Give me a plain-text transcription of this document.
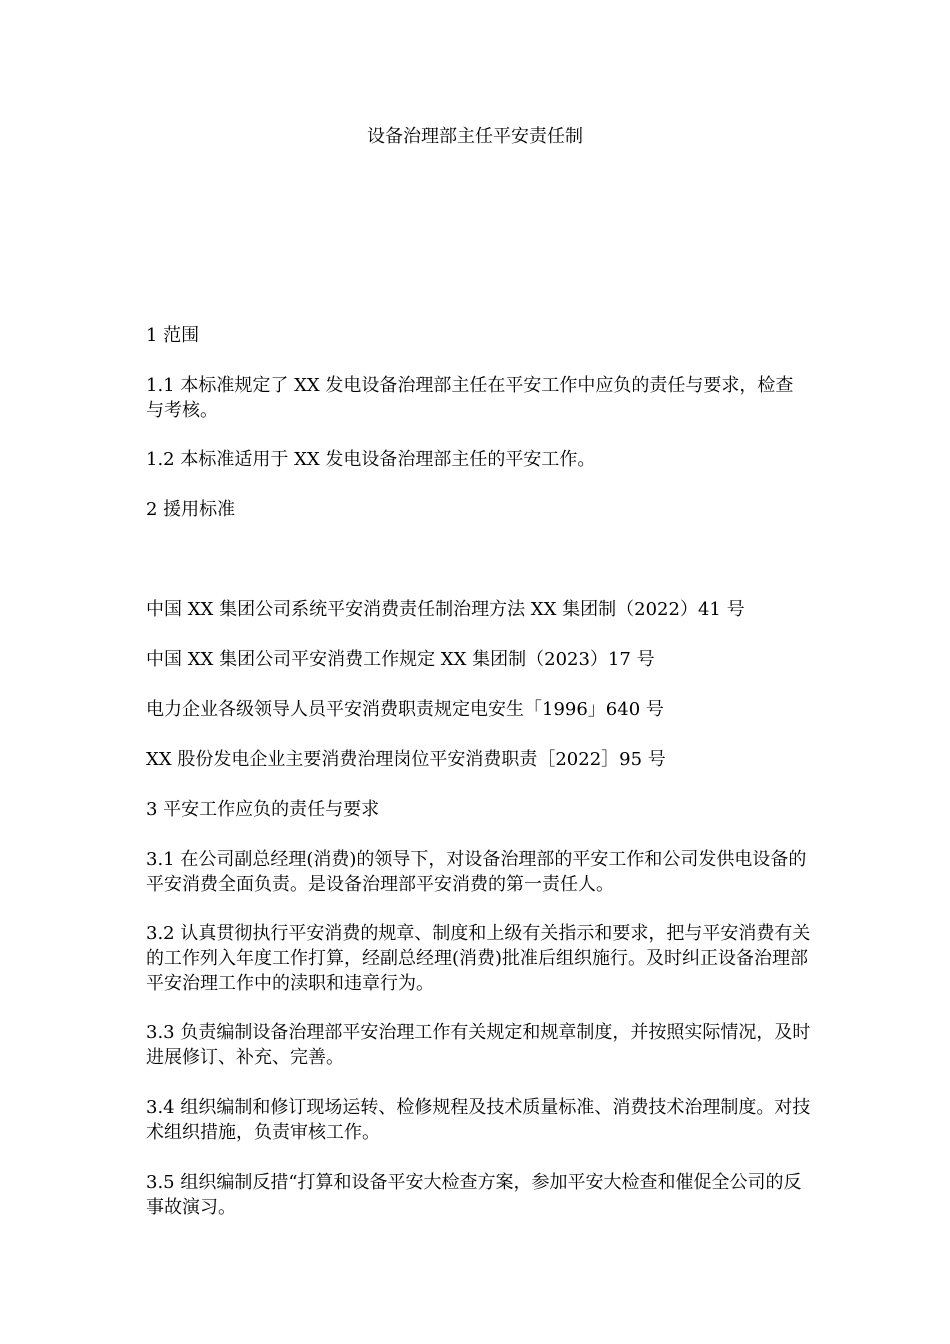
设备治理部主任平安责任制

1 范围

1.1 本标准规定了 XX 发电设备治理部主任在平安工作中应负的责任与要求，检查与考核。

1.2 本标准适用于 XX 发电设备治理部主任的平安工作。

2 援用标准

中国 XX 集团公司系统平安消费责任制治理方法 XX 集团制（2022）41 号

中国 XX 集团公司平安消费工作规定 XX 集团制（2023）17 号

电力企业各级领导人员平安消费职责规定电安生「1996」640 号

XX 股份发电企业主要消费治理岗位平安消费职责［2022］95 号

3 平安工作应负的责任与要求

3.1 在公司副总经理(消费)的领导下，对设备治理部的平安工作和公司发供电设备的平安消费全面负责。是设备治理部平安消费的第一责任人。

3.2 认真贯彻执行平安消费的规章、制度和上级有关指示和要求，把与平安消费有关的工作列入年度工作打算，经副总经理(消费)批准后组织施行。及时纠正设备治理部平安治理工作中的渎职和违章行为。

3.3 负责编制设备治理部平安治理工作有关规定和规章制度，并按照实际情况，及时进展修订、补充、完善。

3.4 组织编制和修订现场运转、检修规程及技术质量标准、消费技术治理制度。对技术组织措施，负责审核工作。

3.5 组织编制反措“打算和设备平安大检查方案，参加平安大检查和催促全公司的反事故演习。
